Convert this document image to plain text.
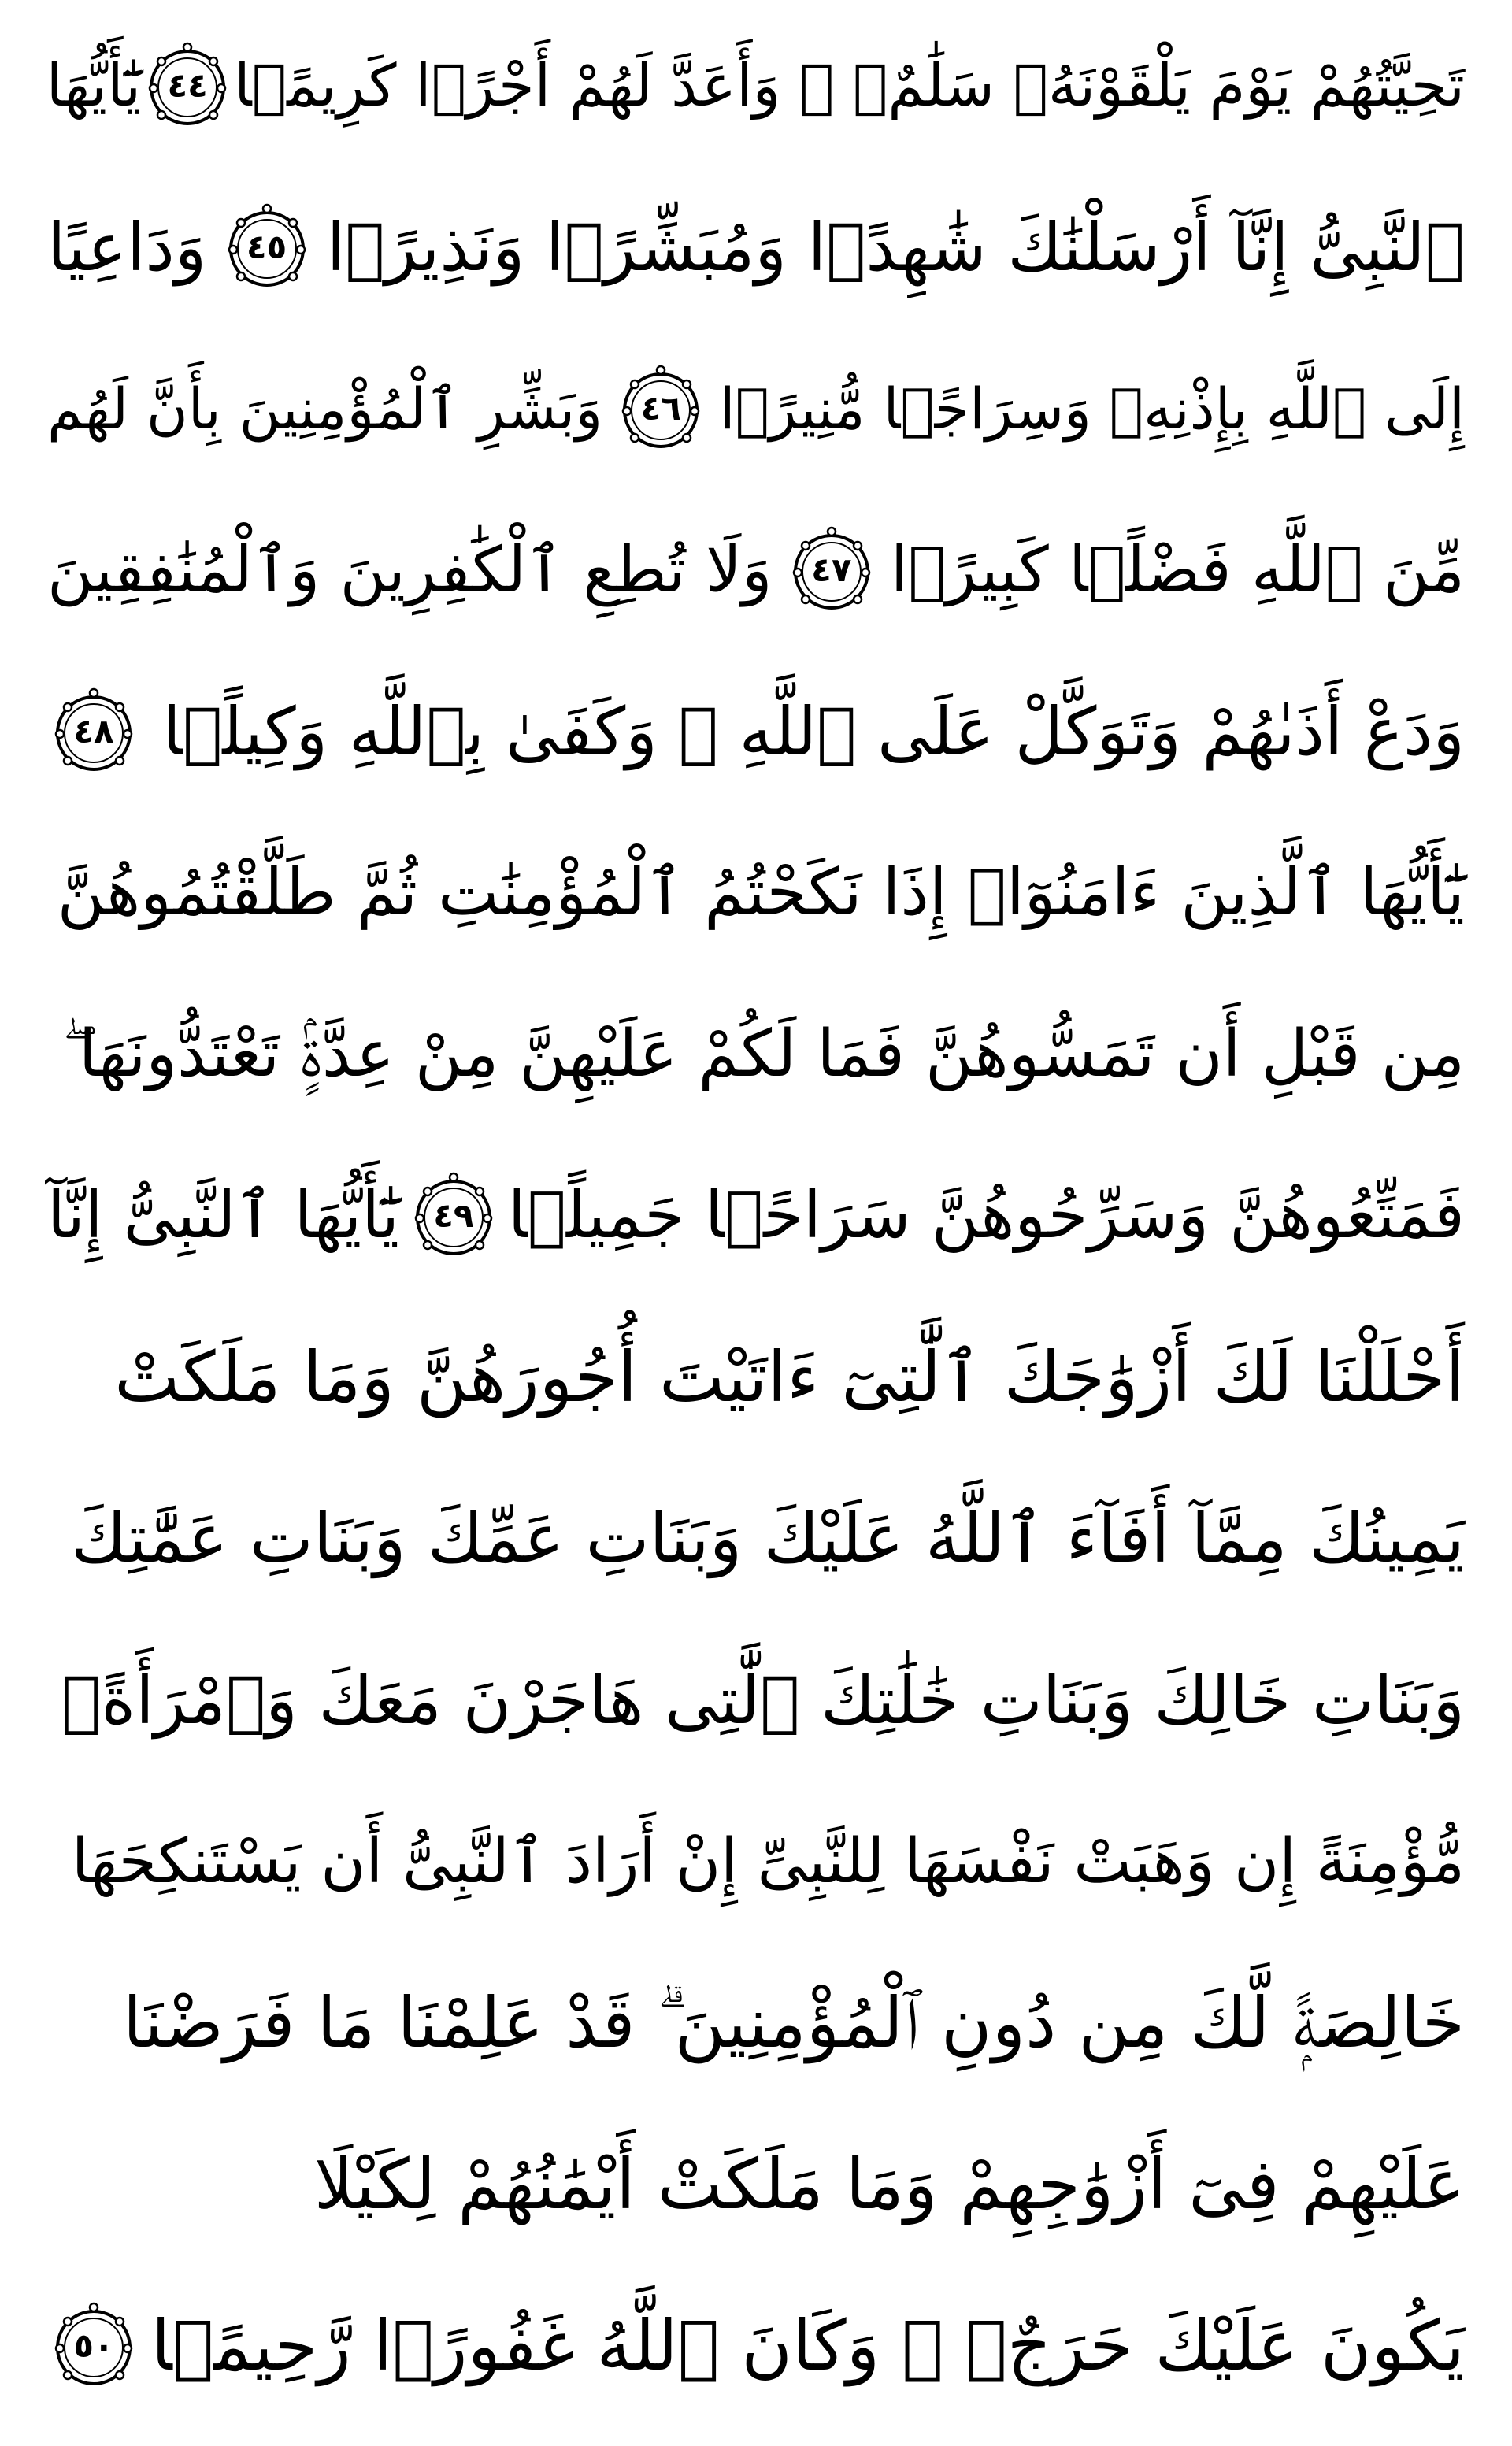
تَحِيَّتُهُمْ يَوْمَ يَلْقَوْنَهُۥ سَلَٰمٌۭ ۚ وَأَعَدَّ لَهُمْ أَجْرًۭا كَرِيمًۭا
٤٤
يَٰٓأَيُّهَا
ٱلنَّبِىُّ إِنَّآ أَرْسَلْنَٰكَ شَٰهِدًۭا وَمُبَشِّرًۭا وَنَذِيرًۭا
٤٥
وَدَاعِيًا
إِلَى ٱللَّهِ بِإِذْنِهِۦ وَسِرَاجًۭا مُّنِيرًۭا
٤٦
وَبَشِّرِ ٱلْمُؤْمِنِينَ بِأَنَّ لَهُم
مِّنَ ٱللَّهِ فَضْلًۭا كَبِيرًۭا
٤٧
وَلَا تُطِعِ ٱلْكَٰفِرِينَ وَٱلْمُنَٰفِقِينَ
وَدَعْ أَذَىٰهُمْ وَتَوَكَّلْ عَلَى ٱللَّهِ ۚ وَكَفَىٰ بِٱللَّهِ وَكِيلًۭا
٤٨
يَٰٓأَيُّهَا ٱلَّذِينَ ءَامَنُوٓا۟ إِذَا نَكَحْتُمُ ٱلْمُؤْمِنَٰتِ ثُمَّ طَلَّقْتُمُوهُنَّ
مِن قَبْلِ أَن تَمَسُّوهُنَّ فَمَا لَكُمْ عَلَيْهِنَّ مِنْ عِدَّةٍۢ تَعْتَدُّونَهَا ۖ
فَمَتِّعُوهُنَّ وَسَرِّحُوهُنَّ سَرَاحًۭا جَمِيلًۭا
٤٩
يَٰٓأَيُّهَا ٱلنَّبِىُّ إِنَّآ
أَحْلَلْنَا لَكَ أَزْوَٰجَكَ ٱلَّٰتِىٓ ءَاتَيْتَ أُجُورَهُنَّ وَمَا مَلَكَتْ
يَمِينُكَ مِمَّآ أَفَآءَ ٱللَّهُ عَلَيْكَ وَبَنَاتِ عَمِّكَ وَبَنَاتِ عَمَّٰتِكَ
وَبَنَاتِ خَالِكَ وَبَنَاتِ خَٰلَٰتِكَ ٱلَّٰتِى هَاجَرْنَ مَعَكَ وَٱمْرَأَةًۭ
مُّؤْمِنَةً إِن وَهَبَتْ نَفْسَهَا لِلنَّبِىِّ إِنْ أَرَادَ ٱلنَّبِىُّ أَن يَسْتَنكِحَهَا
خَالِصَةًۭ لَّكَ مِن دُونِ ٱلْمُؤْمِنِينَ ۗ قَدْ عَلِمْنَا مَا فَرَضْنَا
عَلَيْهِمْ فِىٓ أَزْوَٰجِهِمْ وَمَا مَلَكَتْ أَيْمَٰنُهُمْ لِكَيْلَا
يَكُونَ عَلَيْكَ حَرَجٌۭ ۗ وَكَانَ ٱللَّهُ غَفُورًۭا رَّحِيمًۭا
٥٠
